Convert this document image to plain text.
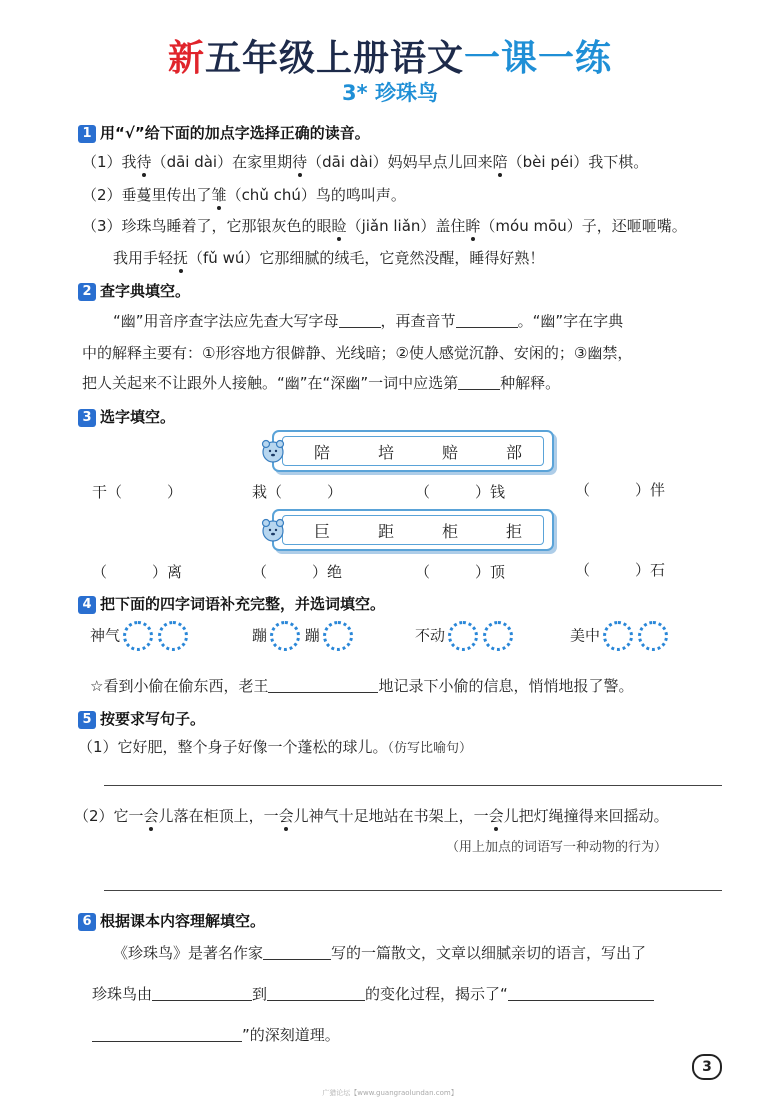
新五年级上册语文一课一练
3* 珍珠鸟
1 用“√”给下面的加点字选择正确的读音。
（1）我待（dāi dài）在家里期待（dāi dài）妈妈早点儿回来陪（bèi péi）我下棋。
（2）垂蔓里传出了雏（chǔ chú）鸟的鸣叫声。
（3）珍珠鸟睡着了，它那银灰色的眼睑（jiǎn liǎn）盖住眸（móu mōu）子，还咂咂嘴。
我用手轻抚（fǔ wú）它那细腻的绒毛，它竟然没醒，睡得好熟！
2 查字典填空。
“幽”用音序查字法应先查大写字母	，再查音节	。“幽”字在字典
中的解释主要有：①形容地方很僻静、光线暗；②使人感觉沉静、安闲的；③幽禁，
把人关起来不让跟外人接触。“幽”在“深幽”一词中应选第	种解释。
3 选字填空。
陪	培	赔	部
干（　　　）	栽（　　　）	（　　　）钱	（　　　）伴
巨	距	柜	拒
（　　　）离	（　　　）绝	（　　　）顶	（　　　）石
4 把下面的四字词语补充完整，并选词填空。
神气	蹦	蹦	不动	美中
☆看到小偷在偷东西，老王	地记录下小偷的信息，悄悄地报了警。
5 按要求写句子。
（1）它好肥，整个身子好像一个蓬松的球儿。（仿写比喻句）
（2）它一会儿落在柜顶上，一会儿神气十足地站在书架上，一会儿把灯绳撞得来回摇动。
（用上加点的词语写一种动物的行为）
6 根据课本内容理解填空。
《珍珠鸟》是著名作家	写的一篇散文，文章以细腻亲切的语言，写出了
珍珠鸟由	到	的变化过程，揭示了“
”的深刻道理。
3
广猎论坛【www.guangraolundan.com】
